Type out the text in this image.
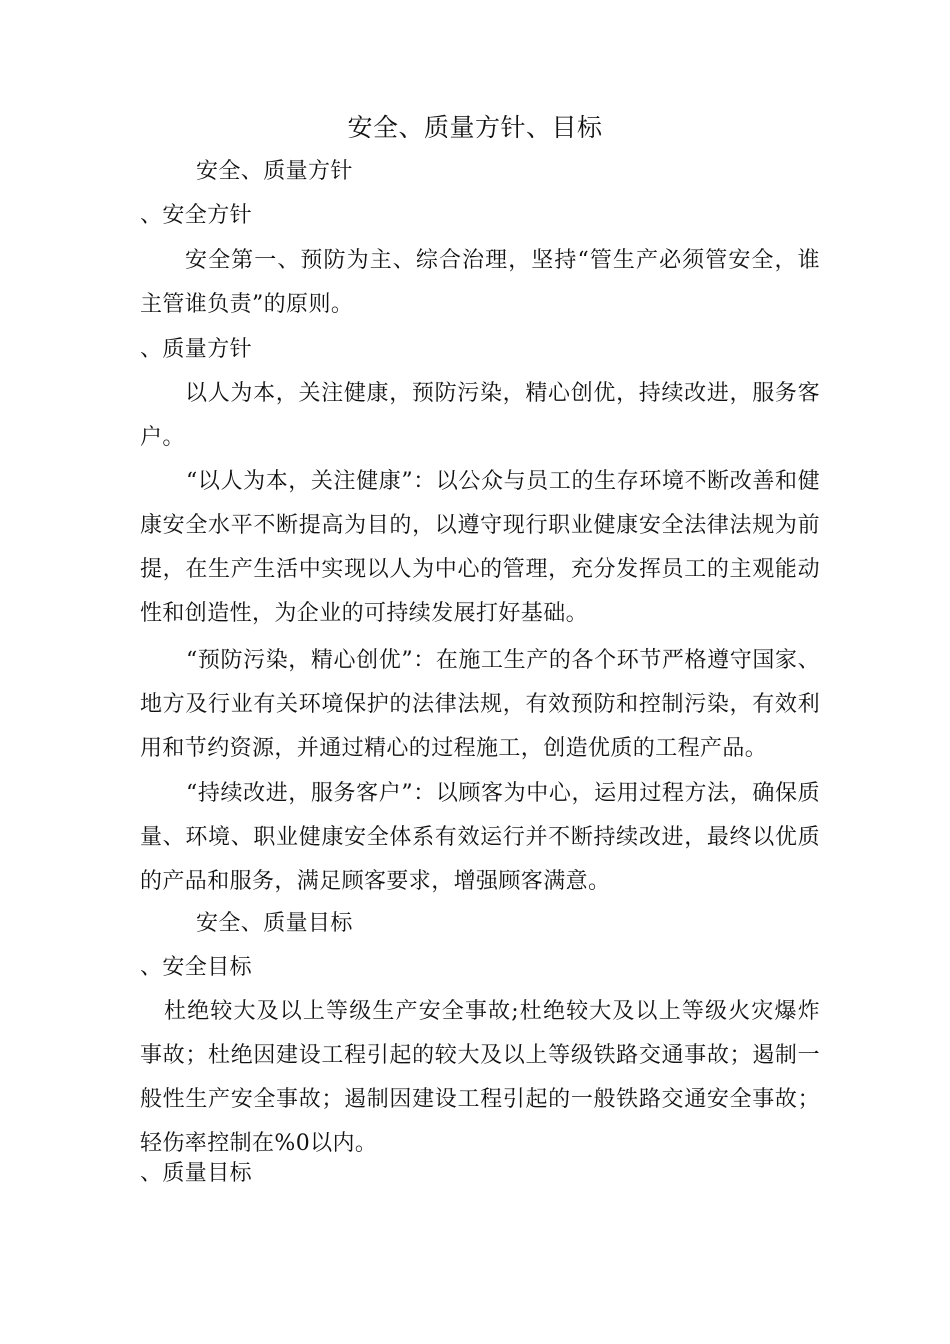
安全、质量方针、目标
安全、质量方针
、安全方针
安全第一、预防为主、综合治理，坚持“管生产必须管安全，谁主管谁负责”的原则。
、质量方针
以人为本，关注健康，预防污染，精心创优，持续改进，服务客户。
“以人为本，关注健康”：以公众与员工的生存环境不断改善和健康安全水平不断提高为目的，以遵守现行职业健康安全法律法规为前提，在生产生活中实现以人为中心的管理，充分发挥员工的主观能动性和创造性，为企业的可持续发展打好基础。
“预防污染，精心创优”：在施工生产的各个环节严格遵守国家、地方及行业有关环境保护的法律法规，有效预防和控制污染，有效利用和节约资源，并通过精心的过程施工，创造优质的工程产品。
“持续改进，服务客户”：以顾客为中心，运用过程方法，确保质量、环境、职业健康安全体系有效运行并不断持续改进，最终以优质的产品和服务，满足顾客要求，增强顾客满意。
安全、质量目标
、安全目标
杜绝较大及以上等级生产安全事故;杜绝较大及以上等级火灾爆炸事故；杜绝因建设工程引起的较大及以上等级铁路交通事故；遏制一般性生产安全事故；遏制因建设工程引起的一般铁路交通安全事故；轻伤率控制在%0以内。
、质量目标
